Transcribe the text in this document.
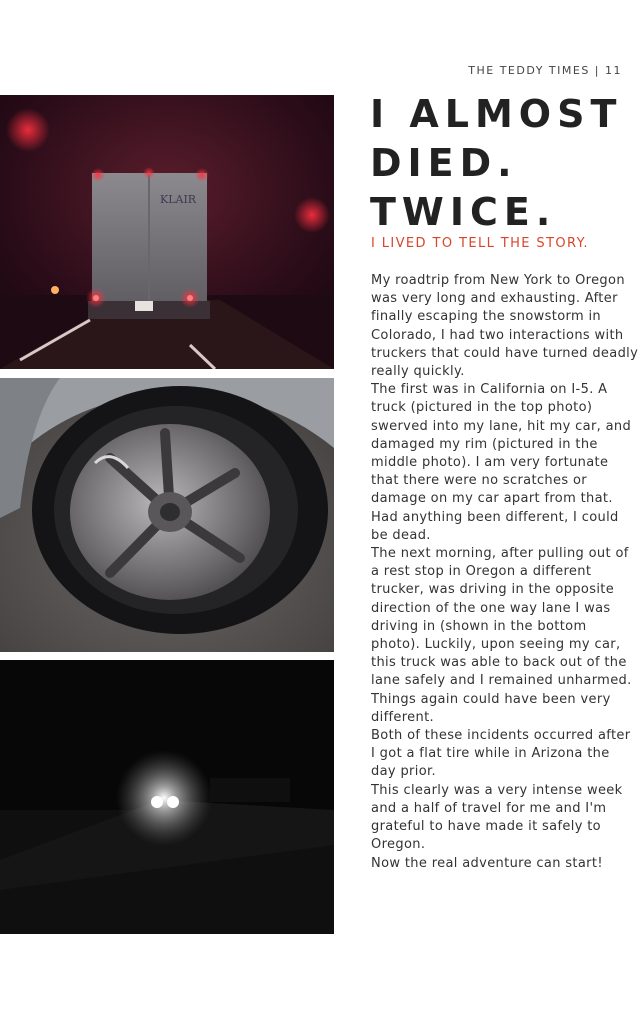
THE TEDDY TIMES | 11
KLAIR
I ALMOST
DIED.
TWICE.
I LIVED TO TELL THE STORY.

My roadtrip from New York to Oregon was very long and exhausting. After finally escaping the snowstorm in Colorado, I had two interactions with truckers that could have turned deadly really quickly.

The first was in California on I-5. A truck (pictured in the top photo) swerved into my lane, hit my car, and damaged my rim (pictured in the middle photo). I am very fortunate that there were no scratches or damage on my car apart from that. Had anything been different, I could be dead.

The next morning, after pulling out of a rest stop in Oregon a different trucker, was driving in the opposite direction of the one way lane I was driving in (shown in the bottom photo). Luckily, upon seeing my car, this truck was able to back out of the lane safely and I remained unharmed. Things again could have been very different.

Both of these incidents occurred after I got a flat tire while in Arizona the day prior.

This clearly was a very intense week and a half of travel for me and I'm grateful to have made it safely to Oregon.

Now the real adventure can start!
